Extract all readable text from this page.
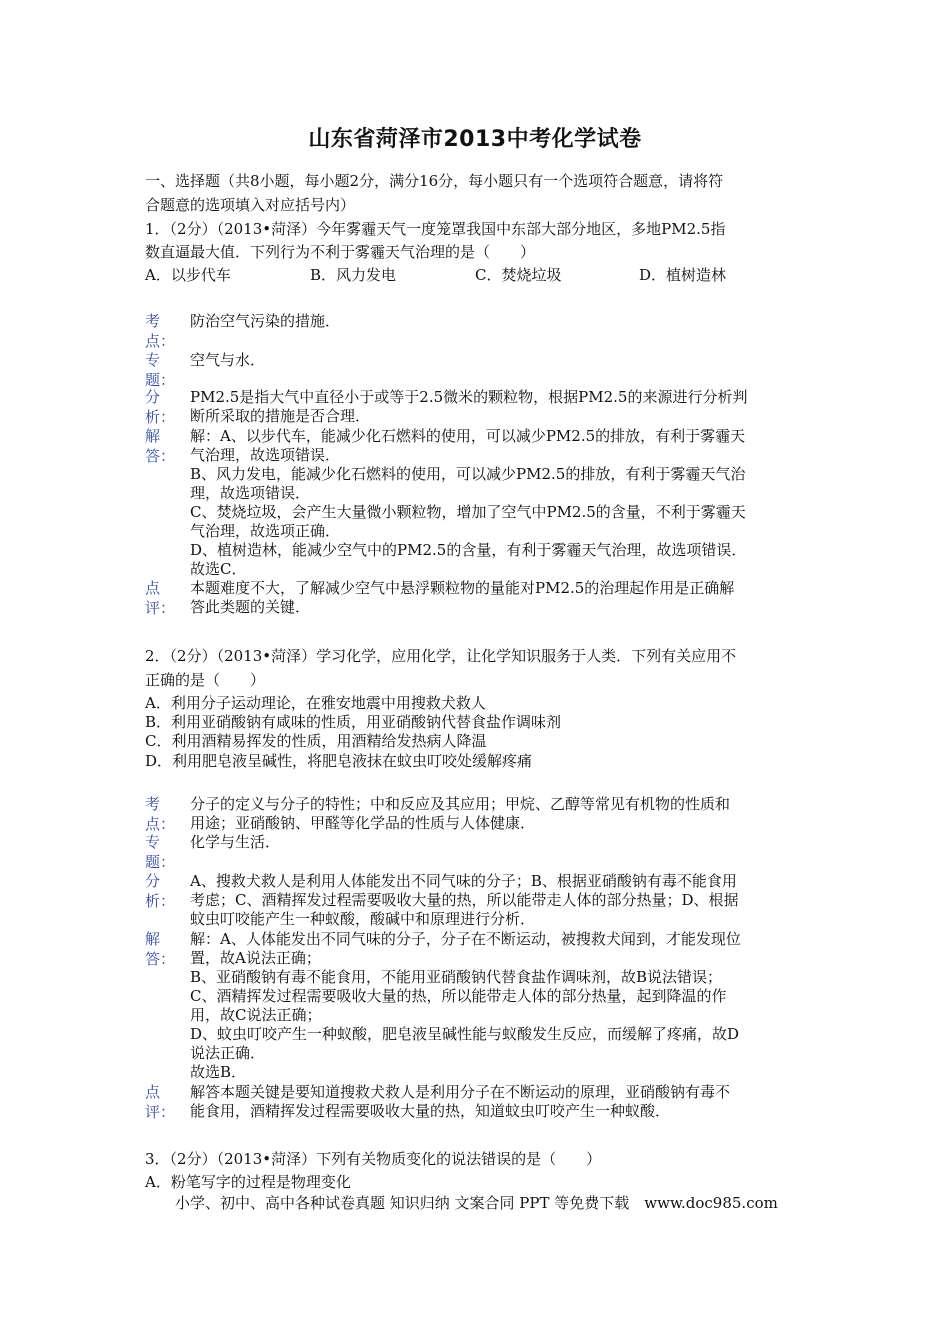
山东省菏泽市2013中考化学试卷
一、选择题（共8小题，每小题2分，满分16分，每小题只有一个选项符合题意，请将符
合题意的选项填入对应括号内）
1．（2分）（2013•菏泽）今年雾霾天气一度笼罩我国中东部大部分地区，多地PM2.5指
数直逼最大值．下列行为不利于雾霾天气治理的是（　　）
A．以步代车	B．风力发电	C．焚烧垃圾	D．植树造林
考
点：
防治空气污染的措施．
专
题：
空气与水．
分
析：
PM2.5是指大气中直径小于或等于2.5微米的颗粒物，根据PM2.5的来源进行分析判
断所采取的措施是否合理．
解
答：
解：A、以步代车，能减少化石燃料的使用，可以减少PM2.5的排放，有利于雾霾天
气治理，故选项错误．
B、风力发电，能减少化石燃料的使用，可以减少PM2.5的排放，有利于雾霾天气治
理，故选项错误．
C、焚烧垃圾，会产生大量微小颗粒物，增加了空气中PM2.5的含量，不利于雾霾天
气治理，故选项正确．
D、植树造林，能减少空气中的PM2.5的含量，有利于雾霾天气治理，故选项错误．
故选C．
点
评：
本题难度不大，了解减少空气中悬浮颗粒物的量能对PM2.5的治理起作用是正确解
答此类题的关键．
2．（2分）（2013•菏泽）学习化学，应用化学，让化学知识服务于人类．下列有关应用不
正确的是（　　）
A．利用分子运动理论，在雅安地震中用搜救犬救人
B．利用亚硝酸钠有咸味的性质，用亚硝酸钠代替食盐作调味剂
C．利用酒精易挥发的性质，用酒精给发热病人降温
D．利用肥皂液呈碱性，将肥皂液抹在蚊虫叮咬处缓解疼痛
考
点：
分子的定义与分子的特性；中和反应及其应用；甲烷、乙醇等常见有机物的性质和
用途；亚硝酸钠、甲醛等化学品的性质与人体健康．
专
题：
化学与生活．
分
析：
A、搜救犬救人是利用人体能发出不同气味的分子；B、根据亚硝酸钠有毒不能食用
考虑；C、酒精挥发过程需要吸收大量的热，所以能带走人体的部分热量；D、根据
蚊虫叮咬能产生一种蚁酸，酸碱中和原理进行分析．
解
答：
解：A、人体能发出不同气味的分子，分子在不断运动，被搜救犬闻到，才能发现位
置，故A说法正确；
B、亚硝酸钠有毒不能食用，不能用亚硝酸钠代替食盐作调味剂，故B说法错误；
C、酒精挥发过程需要吸收大量的热，所以能带走人体的部分热量，起到降温的作
用，故C说法正确；
D、蚊虫叮咬产生一种蚁酸，肥皂液呈碱性能与蚁酸发生反应，而缓解了疼痛，故D
说法正确．
故选B．
点
评：
解答本题关键是要知道搜救犬救人是利用分子在不断运动的原理，亚硝酸钠有毒不
能食用，酒精挥发过程需要吸收大量的热，知道蚊虫叮咬产生一种蚁酸．
3．（2分）（2013•菏泽）下列有关物质变化的说法错误的是（　　）
A．粉笔写字的过程是物理变化
小学、初中、高中各种试卷真题 知识归纳 文案合同 PPT 等免费下载　www.doc985.com
